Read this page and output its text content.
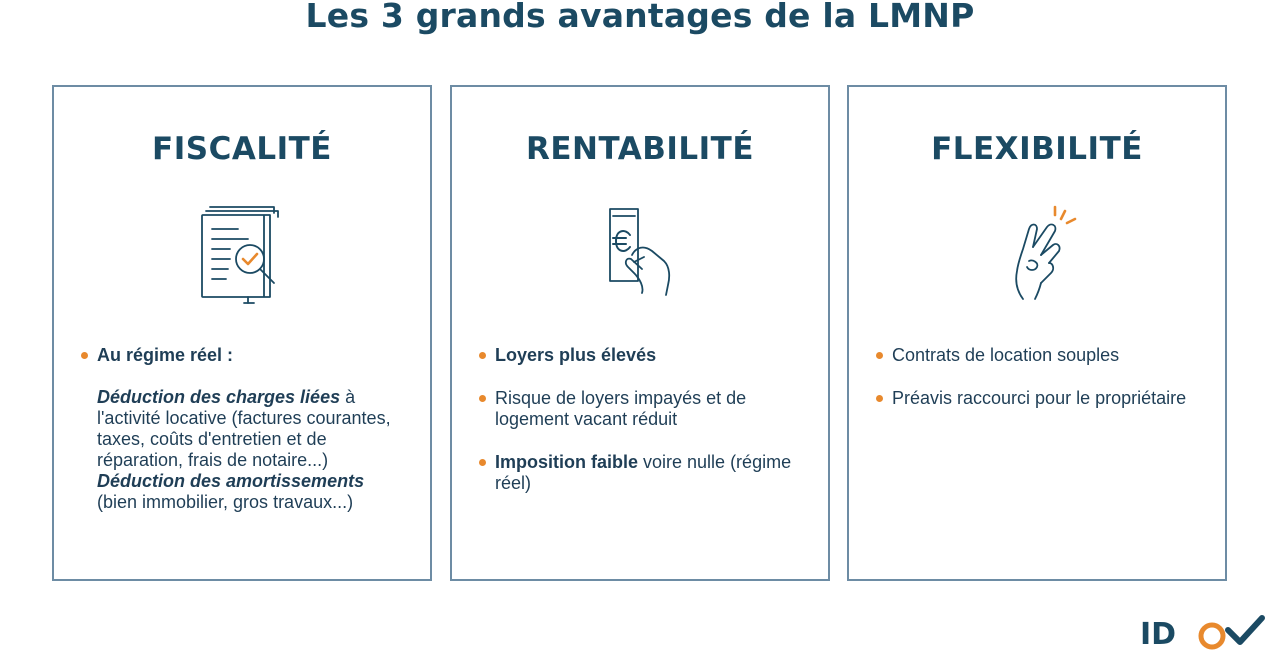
Les 3 grands avantages de la LMNP
FISCALITÉ
Au régime réel :
Déduction des charges liées à l'activité locative (factures courantes, taxes, coûts d'entretien et de réparation, frais de notaire...)
Déduction des amortissements
(bien immobilier, gros travaux...)
RENTABILITÉ
Loyers plus élevés
Risque de loyers impayés et de logement vacant réduit
Imposition faible voire nulle (régime réel)
FLEXIBILITÉ
Contrats de location souples
Préavis raccourci pour le propriétaire
ID
